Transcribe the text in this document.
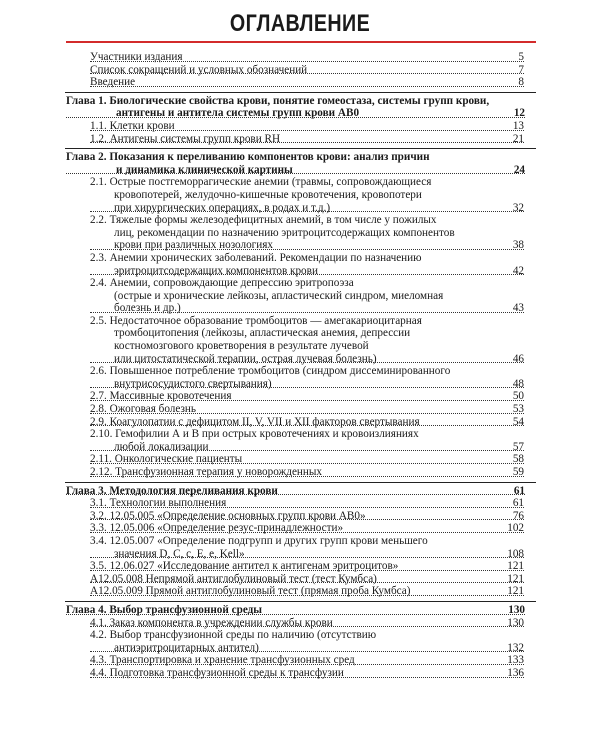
ОГЛАВЛЕНИЕ
Участники издания	5
Список сокращений и условных обозначений	7
Введение	8
Глава 1. Биологические свойства крови, понятие гомеостаза, системы групп крови,
антигены и антитела системы групп крови АВ0	12
1.1. Клетки крови	13
1.2. Антигены системы групп крови RH	21
Глава 2. Показания к переливанию компонентов крови: анализ причин
и динамика клинической картины	24
2.1. Острые постгеморрагические анемии (травмы, сопровождающиеся
кровопотерей, желудочно-кишечные кровотечения, кровопотери
при хирургических операциях, в родах и т.д.)	32
2.2. Тяжелые формы железодефицитных анемий, в том числе у пожилых
лиц, рекомендации по назначению эритроцитсодержащих компонентов
крови при различных нозологиях	38
2.3. Анемии хронических заболеваний. Рекомендации по назначению
эритроцитсодержащих компонентов крови	42
2.4. Анемии, сопровождающие депрессию эритропоэза
(острые и хронические лейкозы, апластический синдром, миеломная
болезнь и др.)	43
2.5. Недостаточное образование тромбоцитов — амегакариоцитарная
тромбоцитопения (лейкозы, апластическая анемия, депрессии
костномозгового кроветворения в результате лучевой
или цитостатической терапии, острая лучевая болезнь)	46
2.6. Повышенное потребление тромбоцитов (синдром диссеминированного
внутрисосудистого свертывания)	48
2.7. Массивные кровотечения	50
2.8. Ожоговая болезнь	53
2.9. Коагулопатии с дефицитом II, V, VII и XII факторов свертывания	54
2.10. Гемофилии А и В при острых кровотечениях и кровоизлияниях
любой локализации	57
2.11. Онкологические пациенты	58
2.12. Трансфузионная терапия у новорожденных	59
Глава 3. Методология переливания крови	61
3.1. Технологии выполнения	61
3.2. 12.05.005 «Определение основных групп крови АВ0»	76
3.3. 12.05.006 «Определение резус-принадлежности»	102
3.4. 12.05.007 «Определение подгрупп и других групп крови меньшего
значения D, C, c, E, e, Kell»	108
3.5. 12.06.027 «Исследование антител к антигенам эритроцитов»	121
А12.05.008 Непрямой антиглобулиновый тест (тест Кумбса)	121
А12.05.009 Прямой антиглобулиновый тест (прямая проба Кумбса)	121
Глава 4. Выбор трансфузионной среды	130
4.1. Заказ компонента в учреждении службы крови	130
4.2. Выбор трансфузионной среды по наличию (отсутствию
антиэритроцитарных антител)	132
4.3. Транспортировка и хранение трансфузионных сред	133
4.4. Подготовка трансфузионной среды к трансфузии	136
